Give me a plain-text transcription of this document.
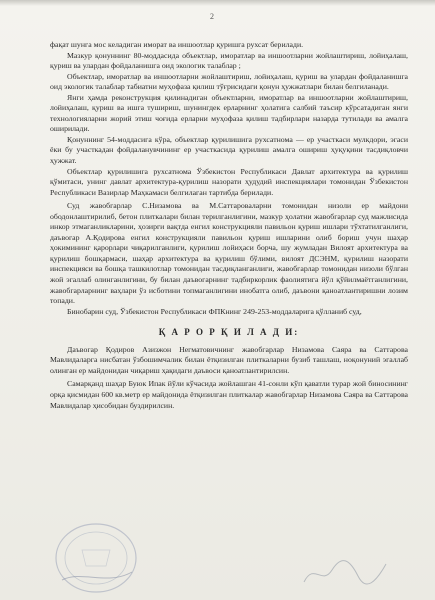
2

фақат шунга мос келадиган иморат ва иншоотлар қуришга рухсат берилади.

Мазкур қонуннинг 80-моддасида объектлар, иморатлар ва иншоотларни жойлаштириш, лойиҳалаш, қуриш ва улардан фойдаланишга оид экологик талаблар ;

Объектлар, иморатлар ва иншоотларни жойлаштириш, лойиҳалаш, қуриш ва улардан фойдаланишга оид экологик талаблар табиатни муҳофаза қилиш тўғрисидаги қонун ҳужжатлари билан белгиланади.

Янги ҳамда реконструкция қилинадиган объектларни, иморатлар ва иншоотларни жойлаштириш, лойиҳалаш, қуриш ва ишга тушириш, шунингдек ерларнинг ҳолатига салбий таъсир кўрсатадиган янги технологияларни жорий этиш чоғида ерларни муҳофаза қилиш тадбирлари назарда тутилади ва амалга оширилади.

Қонуннинг 54-моддасига кўра, объектлар қурилишига рухсатнома — ер участкаси мулкдори, эгаси ёки бу участкадан фойдаланувчининг ер участкасида қурилиш амалга ошириш ҳуқуқини тасдиқловчи ҳужжат.

Объектлар қурилишига рухсатнома Ўзбекистон Республикаси Давлат архитектура ва қурилиш қўмитаси, унинг давлат архитектура-қурилиш назорати ҳудудий инспекциялари томонидан Ўзбекистон Республикаси Вазирлар Маҳкамаси белгилаган тартибда берилади.

Суд жавобгарлар С.Низамова ва М.Саттароваларни томонидан низоли ер майдони ободонлаштирилиб, бетон плиткалари билан терилганлигини, мазкур ҳолатни жавобгарлар суд мажлисида инкор этмаганликларини, ҳозирги вақтда енгил конструкцияли павильон қуриш ишлари тўхтатилганлиги, даъвогар А.Қодирова енгил конструкцияли павильон қуриш ишларини олиб бориш учун шаҳар ҳокимининг қарорлари чиқарилганлиги, қурилиш лойиҳаси борча, шу жумладан Вилоят архитектура ва қурилиш бошқармаси, шаҳар архитектура ва қурилиш бўлими, вилоят ДСЭНМ, қурилиш назорати инспекцияси ва бошқа ташкилотлар томонидан тасдиқланганлиги, жавобгарлар томонидан низоли бўлган жой эгаллаб олинганлигини, бу билан даъвогарнинг тадбиркорлик фаолиятига йўл қўйилмаётганлигини, жавобгарларнинг ваҳлари ўз исботини топмаганлигини инобатга олиб, даъвони қаноатлантиришни лозим топади.

Бинобарин суд, Ўзбекистон Республикаси ФПКнинг 249-253-моддаларига қўлланиб суд,

Қ А Р О Р Қ И Л А Д И:

Даъвогар Қодиров Азизжон Негматовичнинг жавобгарлар Низамова Саяра ва Саттарова Мавлидаларга нисбатан ўзбошимчалик билан ётқизилган плиткаларни бузиб ташлаш, ноқонуний эгаллаб олинган ер майдонидан чиқариш ҳақидаги даъвоси қаноатлантирилсин.

Самарқанд шаҳар Буюк Ипак йўли кўчасида жойлашган 41-сонли кўп қаватли турар жой биносининг орқа қисмидан 600 кв.метр ер майдонида ётқизилган плиткалар жавобгарлар Низамова Саяра ва Саттарова Мавлидалар ҳисобидан буздирилсин.
